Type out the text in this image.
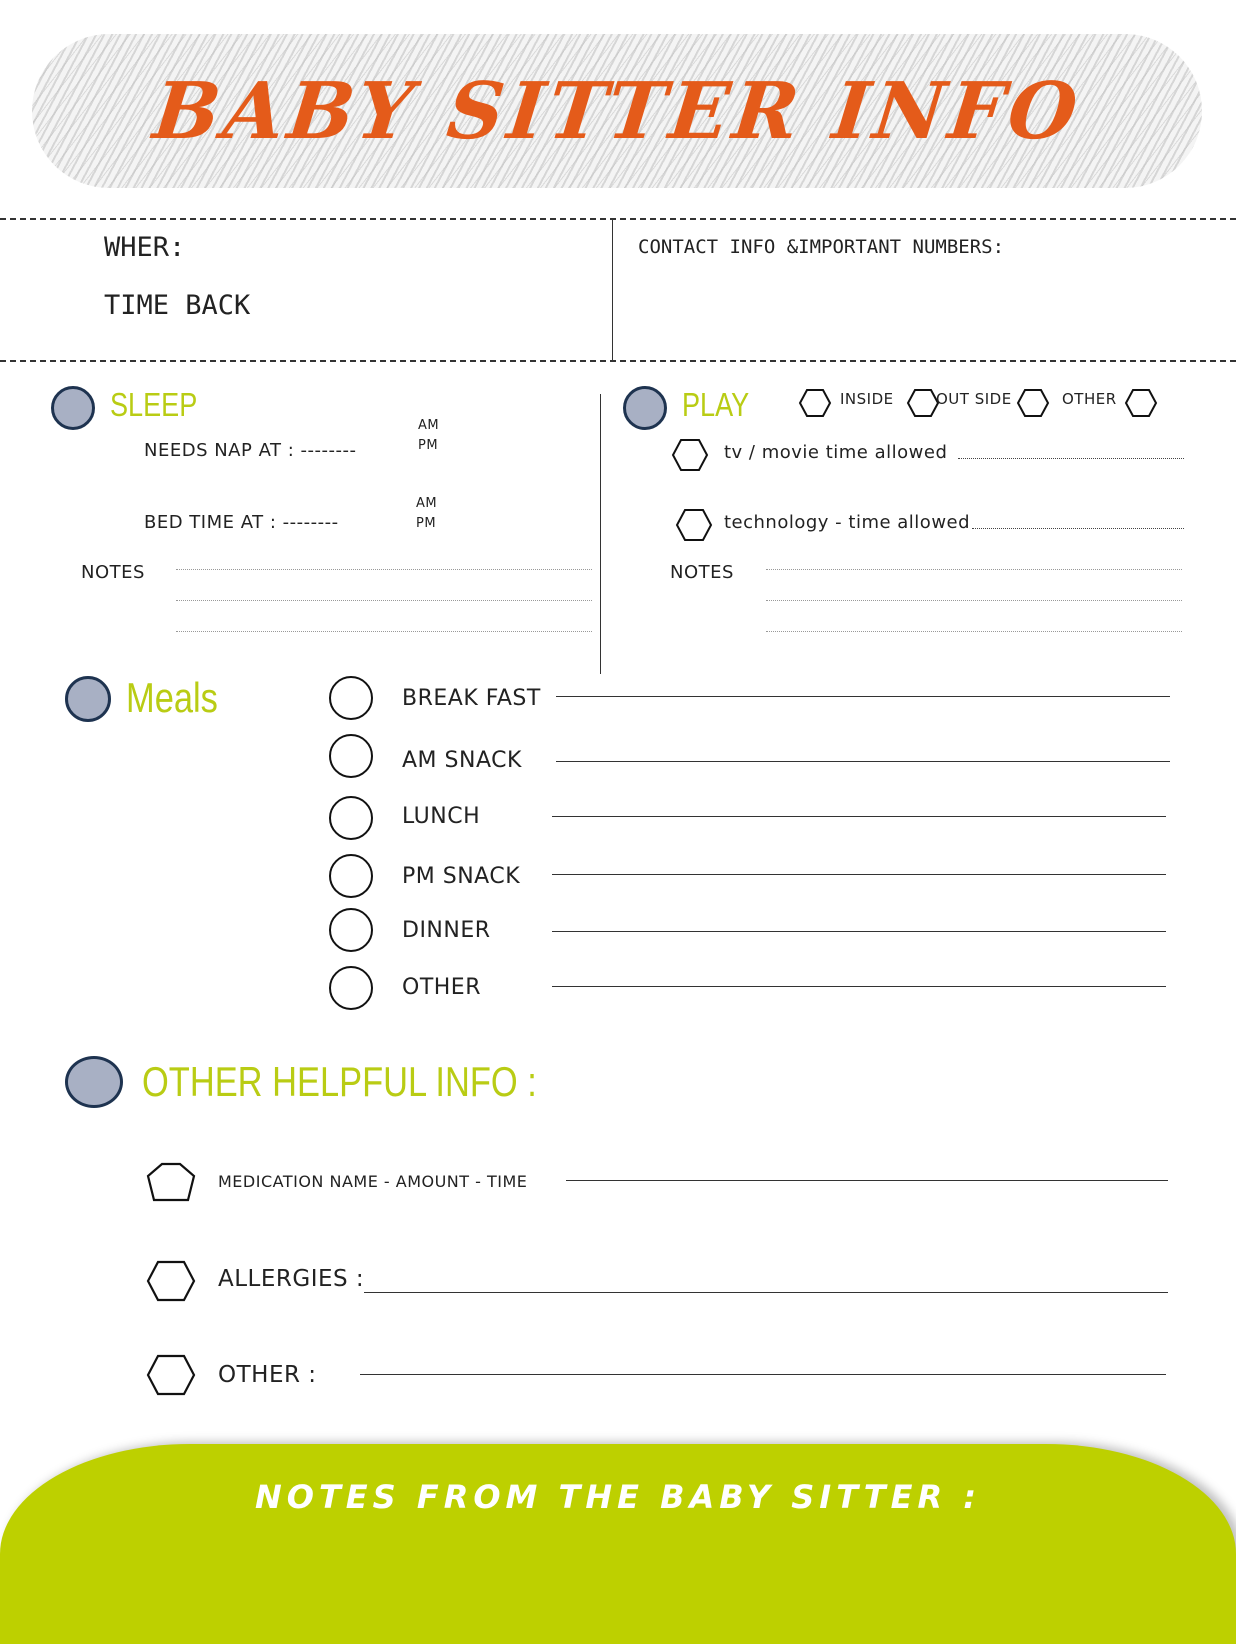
BABY SITTER INFO
WHER:
TIME BACK
CONTACT INFO &IMPORTANT NUMBERS:
SLEEP
NEEDS NAP AT : --------
AM
PM
BED TIME AT : --------
AM
PM
NOTES
PLAY	INSIDE	OUT SIDE	OTHER
tv / movie time allowed
technology - time allowed
NOTES
Meals	BREAK FAST
AM SNACK
LUNCH
PM SNACK
DINNER
OTHER
OTHER HELPFUL INFO :
MEDICATION NAME - AMOUNT - TIME
ALLERGIES :
OTHER :
NOTES FROM THE BABY SITTER :
